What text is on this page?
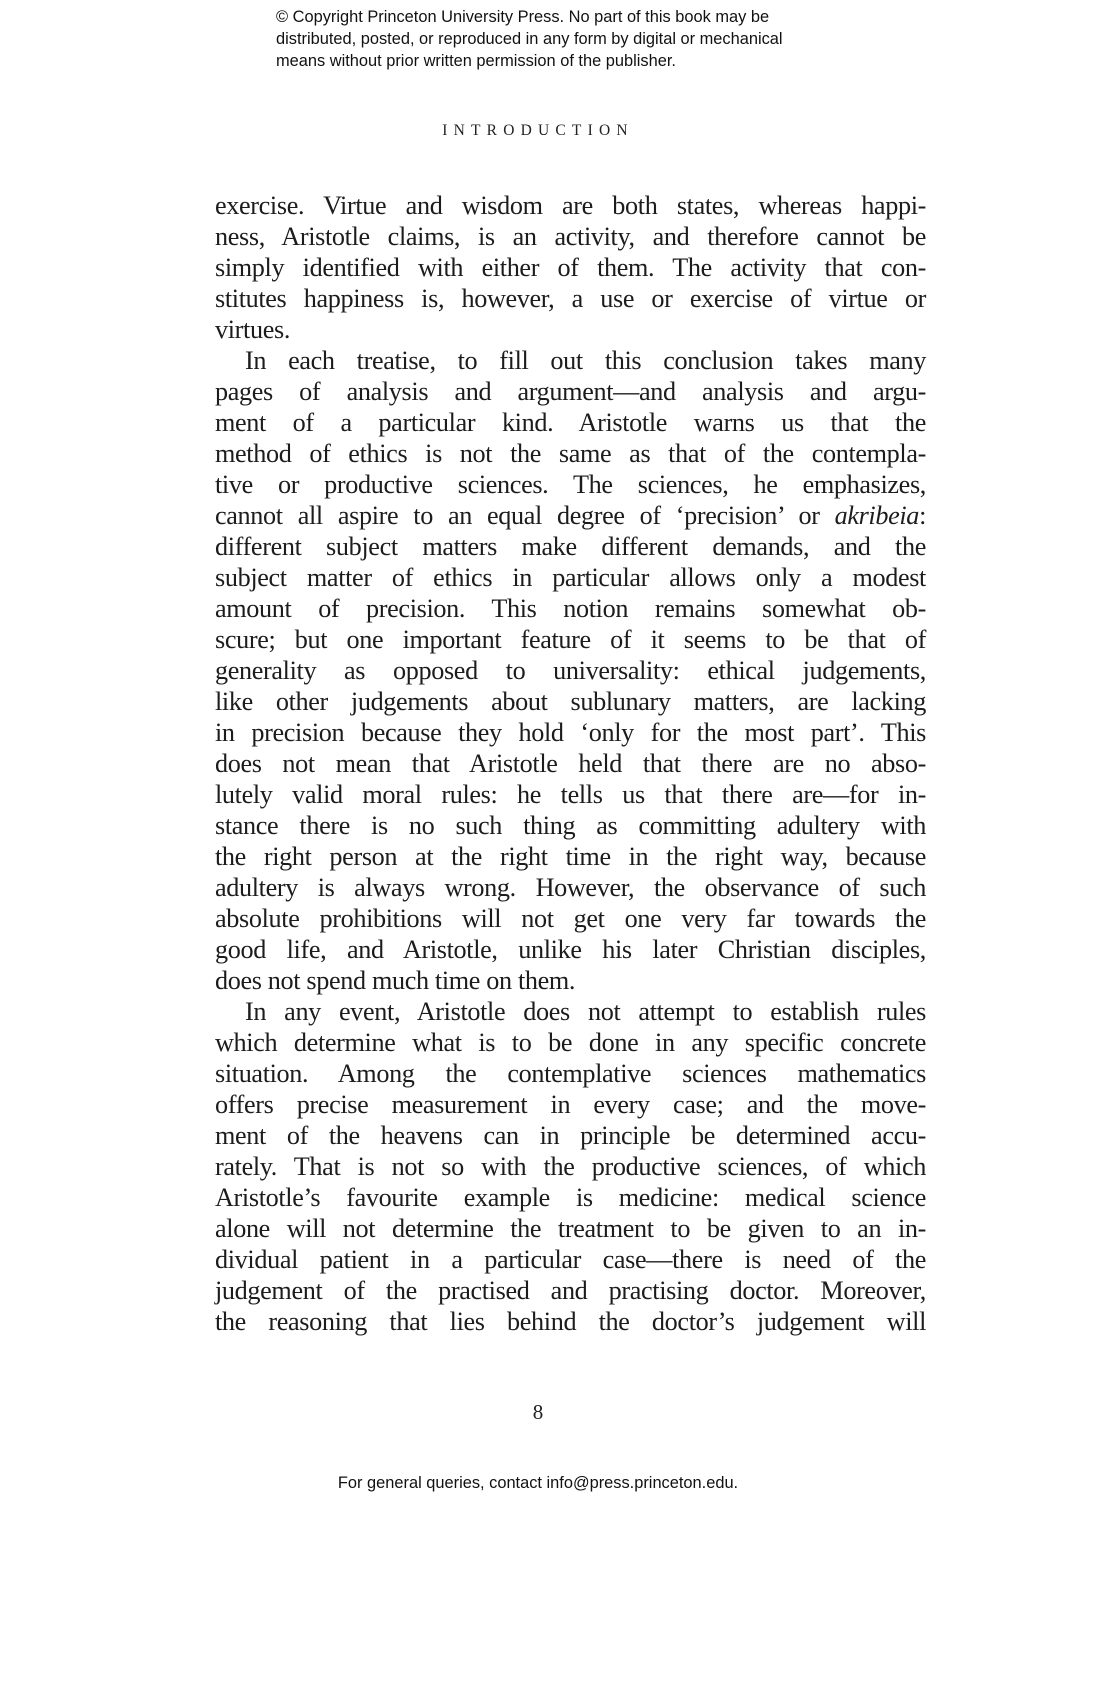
© Copyright Princeton University Press. No part of this book may be
distributed, posted, or reproduced in any form by digital or mechanical
means without prior written permission of the publisher.
INTRODUCTION
exercise. Virtue and wisdom are both states, whereas happi-
ness, Aristotle claims, is an activity, and therefore cannot be
simply identified with either of them. The activity that con-
stitutes happiness is, however, a use or exercise of virtue or
virtues.
In each treatise, to fill out this conclusion takes many
pages of analysis and argument—and analysis and argu-
ment of a particular kind. Aristotle warns us that the
method of ethics is not the same as that of the contempla-
tive or productive sciences. The sciences, he emphasizes,
cannot all aspire to an equal degree of ‘precision’ or akribeia:
different subject matters make different demands, and the
subject matter of ethics in particular allows only a modest
amount of precision. This notion remains somewhat ob-
scure; but one important feature of it seems to be that of
generality as opposed to universality: ethical judgements,
like other judgements about sublunary matters, are lacking
in precision because they hold ‘only for the most part’. This
does not mean that Aristotle held that there are no abso-
lutely valid moral rules: he tells us that there are—for in-
stance there is no such thing as committing adultery with
the right person at the right time in the right way, because
adultery is always wrong. However, the observance of such
absolute prohibitions will not get one very far towards the
good life, and Aristotle, unlike his later Christian disciples,
does not spend much time on them.
In any event, Aristotle does not attempt to establish rules
which determine what is to be done in any specific concrete
situation. Among the contemplative sciences mathematics
offers precise measurement in every case; and the move-
ment of the heavens can in principle be determined accu-
rately. That is not so with the productive sciences, of which
Aristotle’s favourite example is medicine: medical science
alone will not determine the treatment to be given to an in-
dividual patient in a particular case—there is need of the
judgement of the practised and practising doctor. Moreover,
the reasoning that lies behind the doctor’s judgement will
8
For general queries, contact info@press.princeton.edu.
